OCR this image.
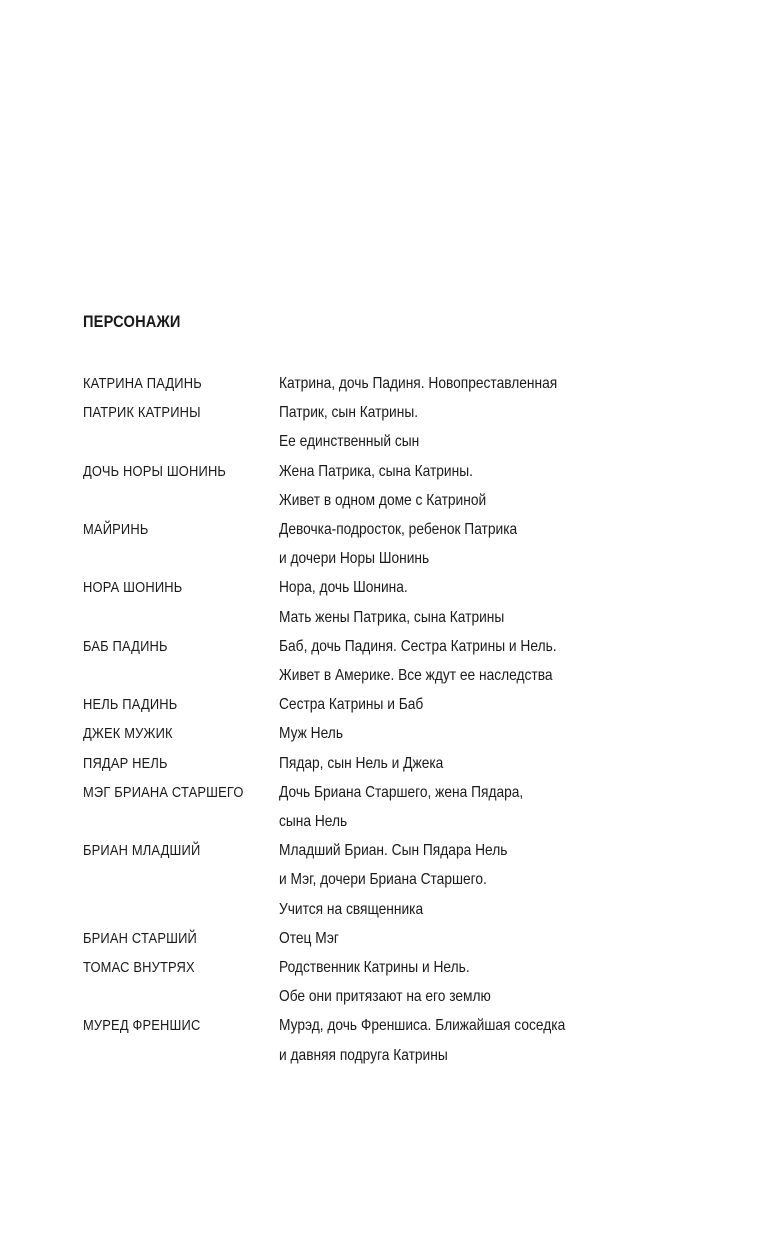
ПЕРСОНАЖИ
КАТРИНА ПАДИНЬ	Катрина, дочь Падиня. Новопреставленная
ПАТРИК КАТРИНЫ	Патрик, сын Катрины.
Ее единственный сын
ДОЧЬ НОРЫ ШОНИНЬ	Жена Патрика, сына Катрины.
Живет в одном доме с Катриной
МАЙРИНЬ	Девочка-подросток, ребенок Патрика
и дочери Норы Шонинь
НОРА ШОНИНЬ	Нора, дочь Шонина.
Мать жены Патрика, сына Катрины
БАБ ПАДИНЬ	Баб, дочь Падиня. Сестра Катрины и Нель.
Живет в Америке. Все ждут ее наследства
НЕЛЬ ПАДИНЬ	Сестра Катрины и Баб
ДЖЕК МУЖИК	Муж Нель
ПЯДАР НЕЛЬ	Пядар, сын Нель и Джека
МЭГ БРИАНА СТАРШЕГО	Дочь Бриана Старшего, жена Пядара,
сына Нель
БРИАН МЛАДШИЙ	Младший Бриан. Сын Пядара Нель
и Мэг, дочери Бриана Старшего.
Учится на священника
БРИАН СТАРШИЙ	Отец Мэг
ТОМАС ВНУТРЯХ	Родственник Катрины и Нель.
Обе они притязают на его землю
МУРЕД ФРЕНШИС	Мурэд, дочь Френшиса. Ближайшая соседка
и давняя подруга Катрины
